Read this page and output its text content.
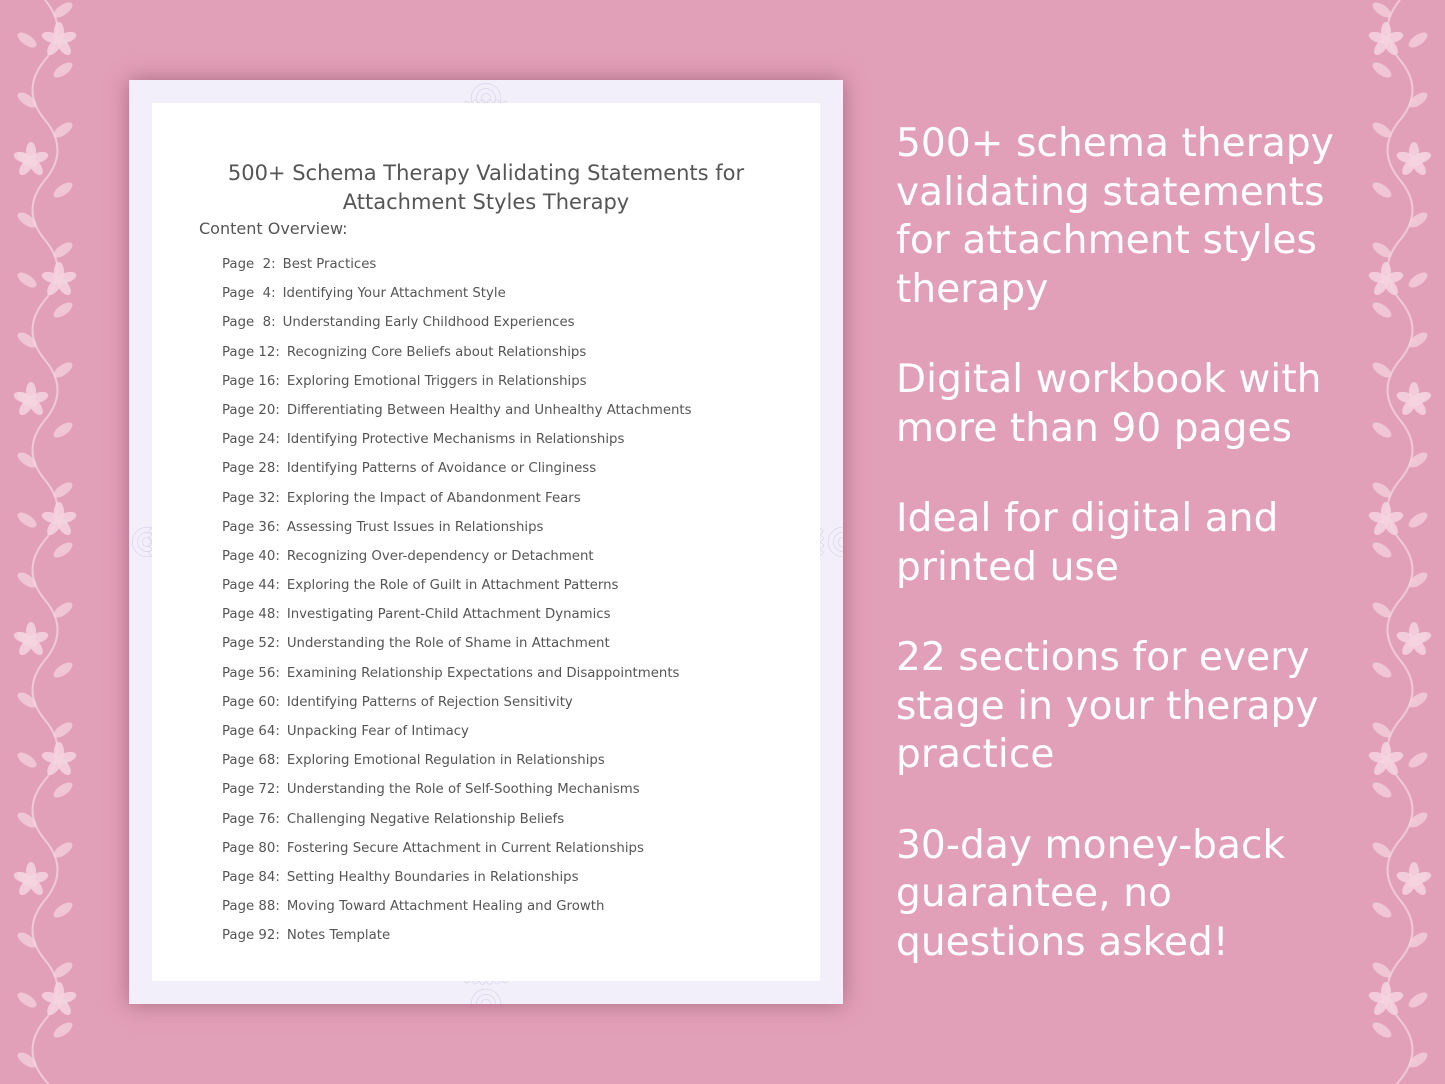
500+ Schema Therapy Validating Statements for
Attachment Styles Therapy
Content Overview:
Page  2: Best Practices
Page  4: Identifying Your Attachment Style
Page  8: Understanding Early Childhood Experiences
Page 12: Recognizing Core Beliefs about Relationships
Page 16: Exploring Emotional Triggers in Relationships
Page 20: Differentiating Between Healthy and Unhealthy Attachments
Page 24: Identifying Protective Mechanisms in Relationships
Page 28: Identifying Patterns of Avoidance or Clinginess
Page 32: Exploring the Impact of Abandonment Fears
Page 36: Assessing Trust Issues in Relationships
Page 40: Recognizing Over-dependency or Detachment
Page 44: Exploring the Role of Guilt in Attachment Patterns
Page 48: Investigating Parent-Child Attachment Dynamics
Page 52: Understanding the Role of Shame in Attachment
Page 56: Examining Relationship Expectations and Disappointments
Page 60: Identifying Patterns of Rejection Sensitivity
Page 64: Unpacking Fear of Intimacy
Page 68: Exploring Emotional Regulation in Relationships
Page 72: Understanding the Role of Self-Soothing Mechanisms
Page 76: Challenging Negative Relationship Beliefs
Page 80: Fostering Secure Attachment in Current Relationships
Page 84: Setting Healthy Boundaries in Relationships
Page 88: Moving Toward Attachment Healing and Growth
Page 92: Notes Template
500+ schema therapy
validating statements
for attachment styles
therapy
Digital workbook with
more than 90 pages
Ideal for digital and
printed use
22 sections for every
stage in your therapy
practice
30-day money-back
guarantee, no
questions asked!
